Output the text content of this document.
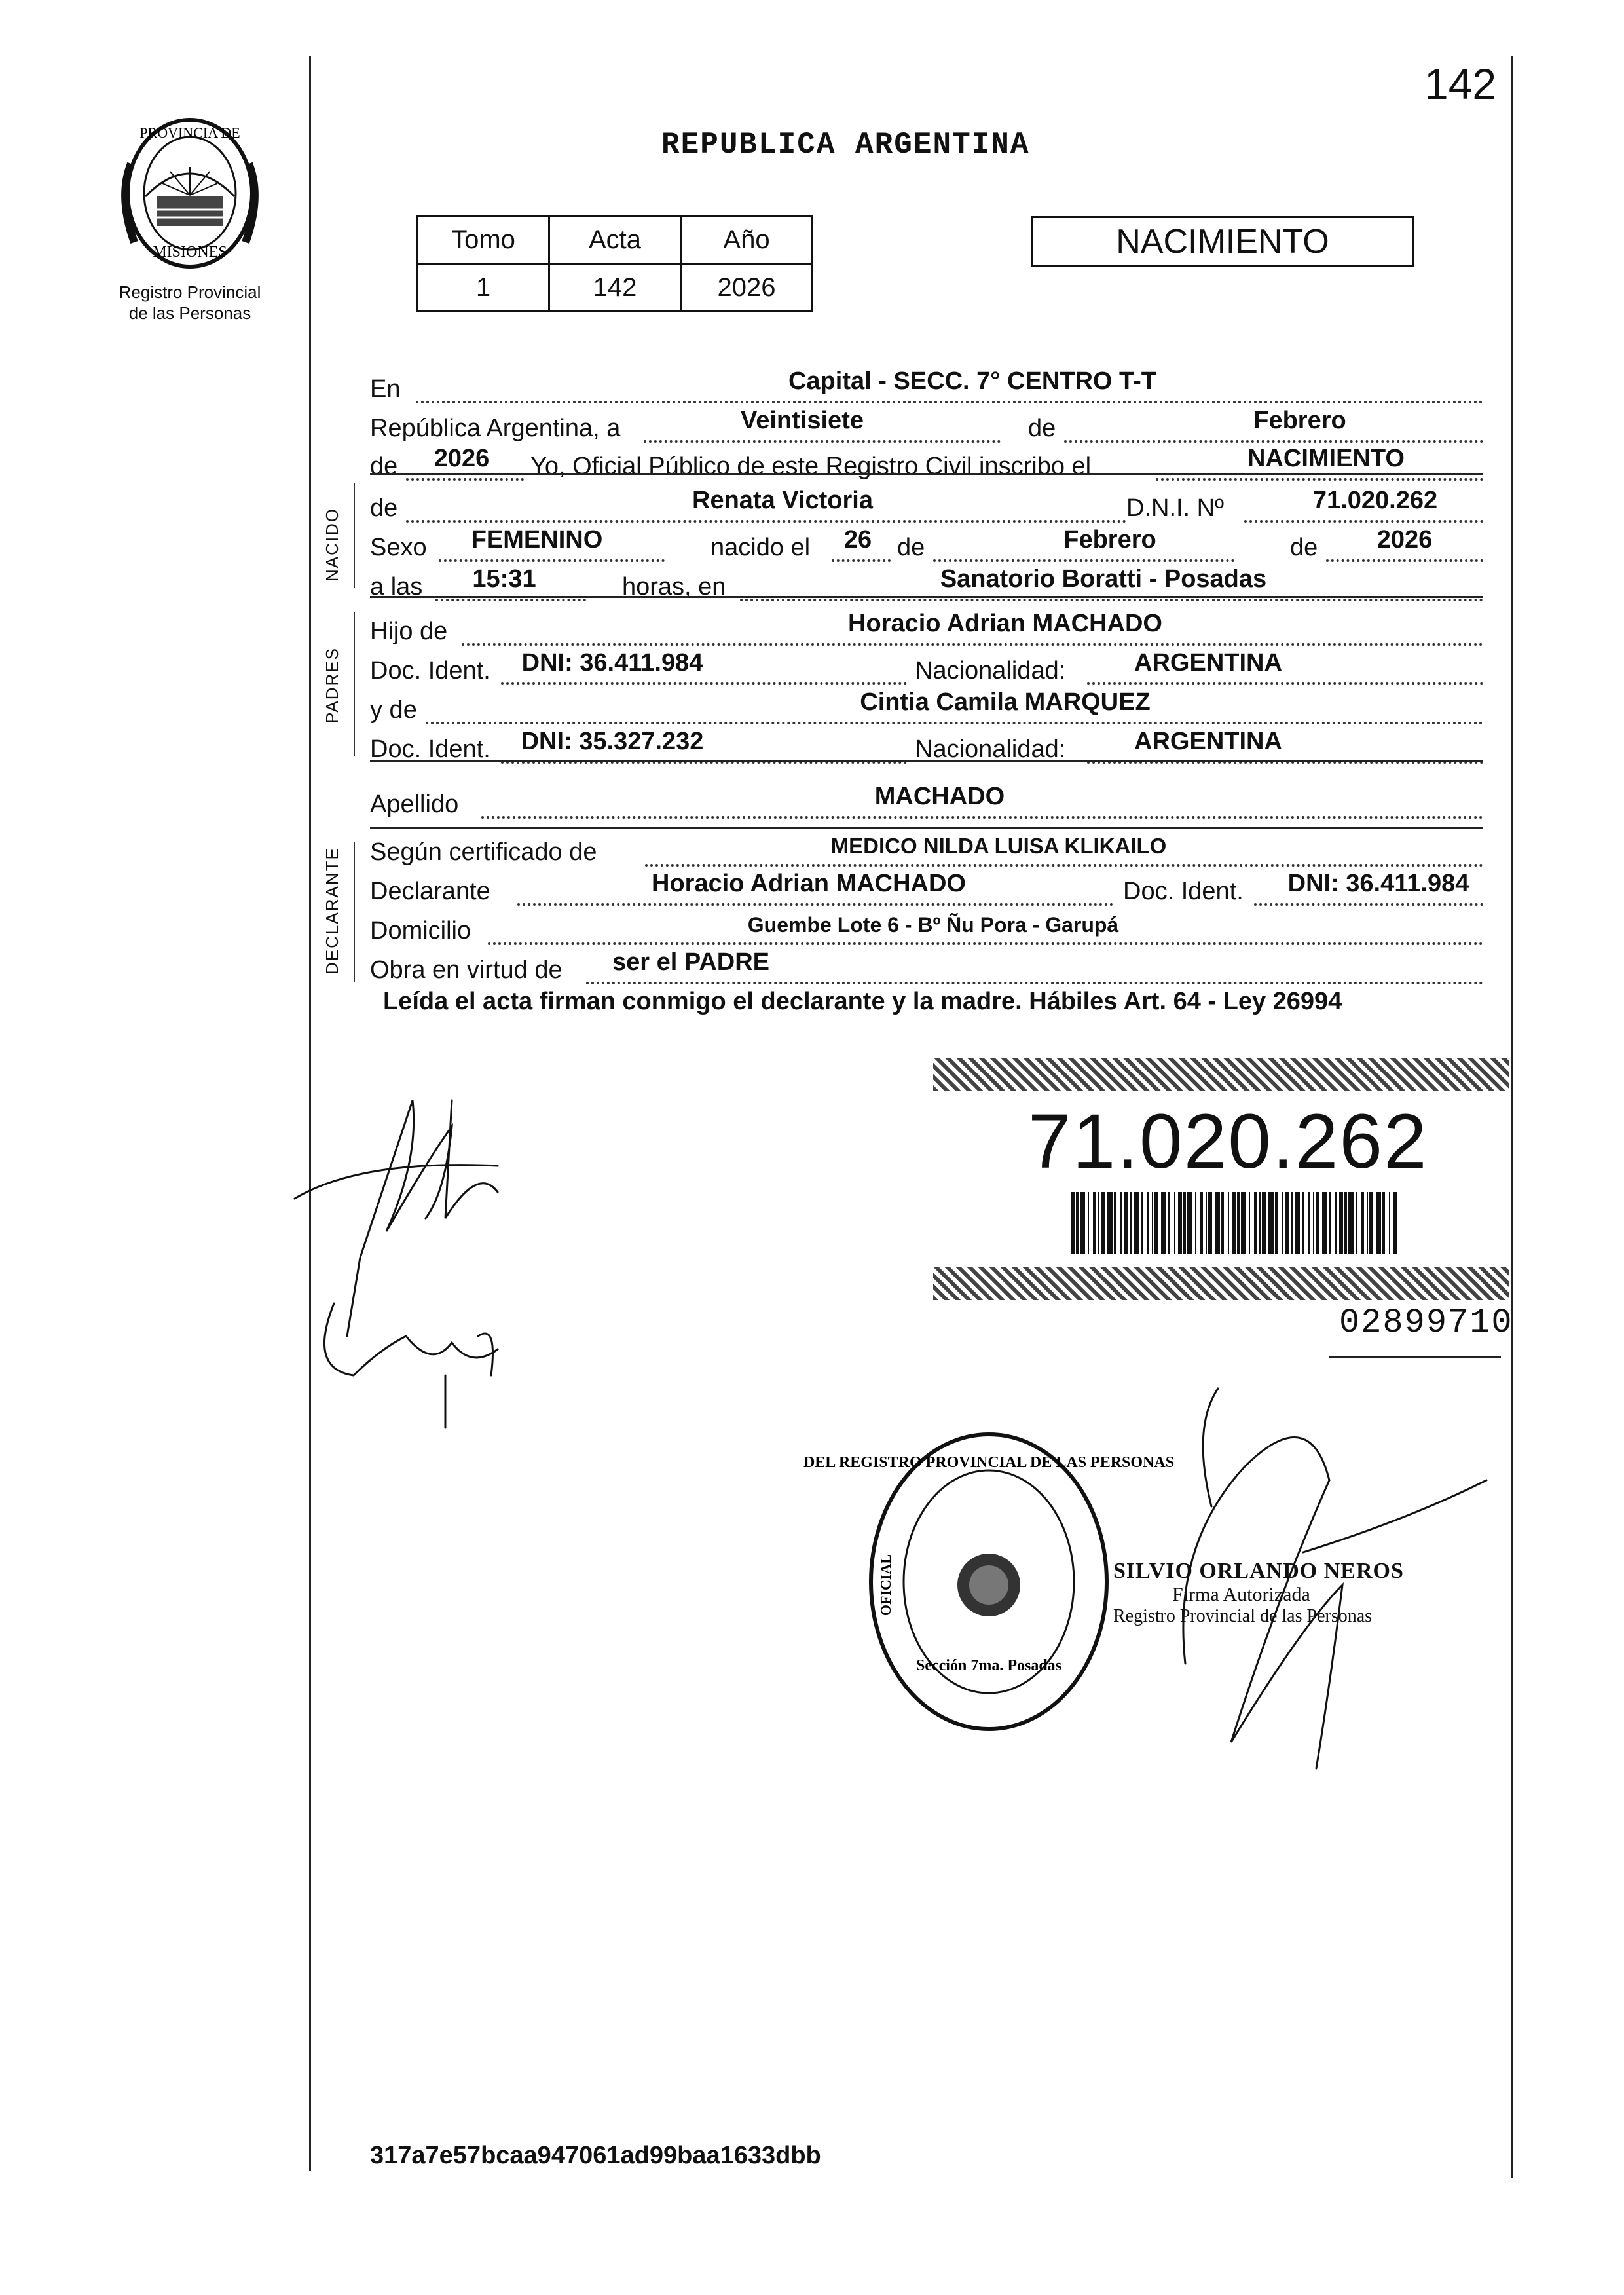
142
PROVINCIA DE
MISIONES
Registro Provincial
de las Personas
REPUBLICA ARGENTINA
Tomo	Acta	Año
1	142	2026
NACIMIENTO
En	Capital - SECC. 7° CENTRO T-T
República Argentina, a	Veintisiete	de	Febrero
de	2026	Yo, Oficial Público de este Registro Civil inscribo el	NACIMIENTO
NACIDO de	Renata Victoria	D.N.I. Nº	71.020.262
Sexo	FEMENINO	nacido el	26	de	Febrero	de	2026
a las	15:31	horas, en	Sanatorio Boratti - Posadas
PADRES
Hijo de	Horacio Adrian MACHADO
Doc. Ident.	DNI: 36.411.984	Nacionalidad:	ARGENTINA
y de	Cintia Camila MARQUEZ
Doc. Ident.	DNI: 35.327.232	Nacionalidad:	ARGENTINA
Apellido	MACHADO
DECLARANTE Según certificado de	MEDICO NILDA LUISA KLIKAILO
Declarante	Horacio Adrian MACHADO	Doc. Ident.	DNI: 36.411.984
Domicilio	Guembe Lote 6 - Bº Ñu Pora - Garupá
Obra en virtud de	ser el PADRE
Leída el acta firman conmigo el declarante y la madre. Hábiles Art. 64 - Ley 26994
71.020.262
02899710
DEL REGISTRO PROVINCIAL DE LAS PERSONAS
OFICIAL
Sección 7ma. Posadas
SILVIO ORLANDO NEROS
Firma Autorizada
Registro Provincial de las Personas
317a7e57bcaa947061ad99baa1633dbb
